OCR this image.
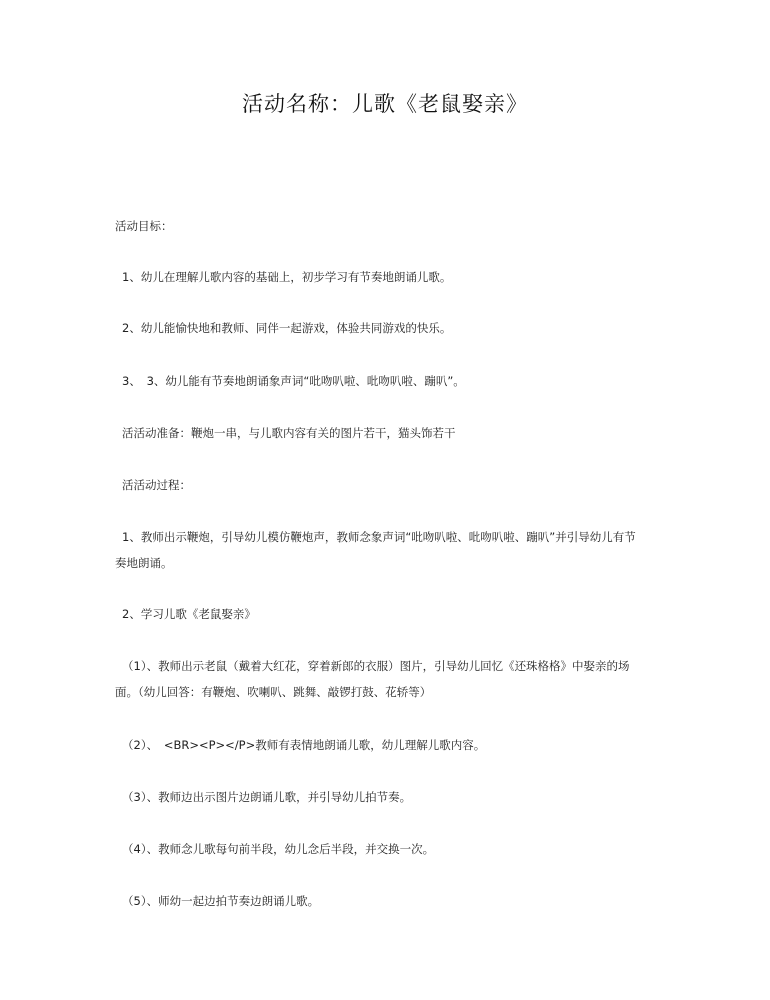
活动名称：儿歌《老鼠娶亲》
活动目标：
1、幼儿在理解儿歌内容的基础上，初步学习有节奏地朗诵儿歌。
2、幼儿能愉快地和教师、同伴一起游戏，体验共同游戏的快乐。
3、　3、幼儿能有节奏地朗诵象声词“吡吻叭啦、吡吻叭啦、蹦叭”。
活活动准备：鞭炮一串，与儿歌内容有关的图片若干，猫头饰若干
活活动过程：
1、教师出示鞭炮，引导幼儿模仿鞭炮声，教师念象声词“吡吻叭啦、吡吻叭啦、蹦叭”并引导幼儿有节
奏地朗诵。
2、学习儿歌《老鼠娶亲》
（1）、教师出示老鼠（戴着大红花，穿着新郎的衣服）图片，引导幼儿回忆《还珠格格》中娶亲的场
面。（幼儿回答：有鞭炮、吹喇叭、跳舞、敲锣打鼓、花轿等）
（2）、　<BR><P></P>教师有表情地朗诵儿歌，幼儿理解儿歌内容。
（3）、教师边出示图片边朗诵儿歌，并引导幼儿拍节奏。
（4）、教师念儿歌每句前半段，幼儿念后半段，并交换一次。
（5）、师幼一起边拍节奏边朗诵儿歌。
